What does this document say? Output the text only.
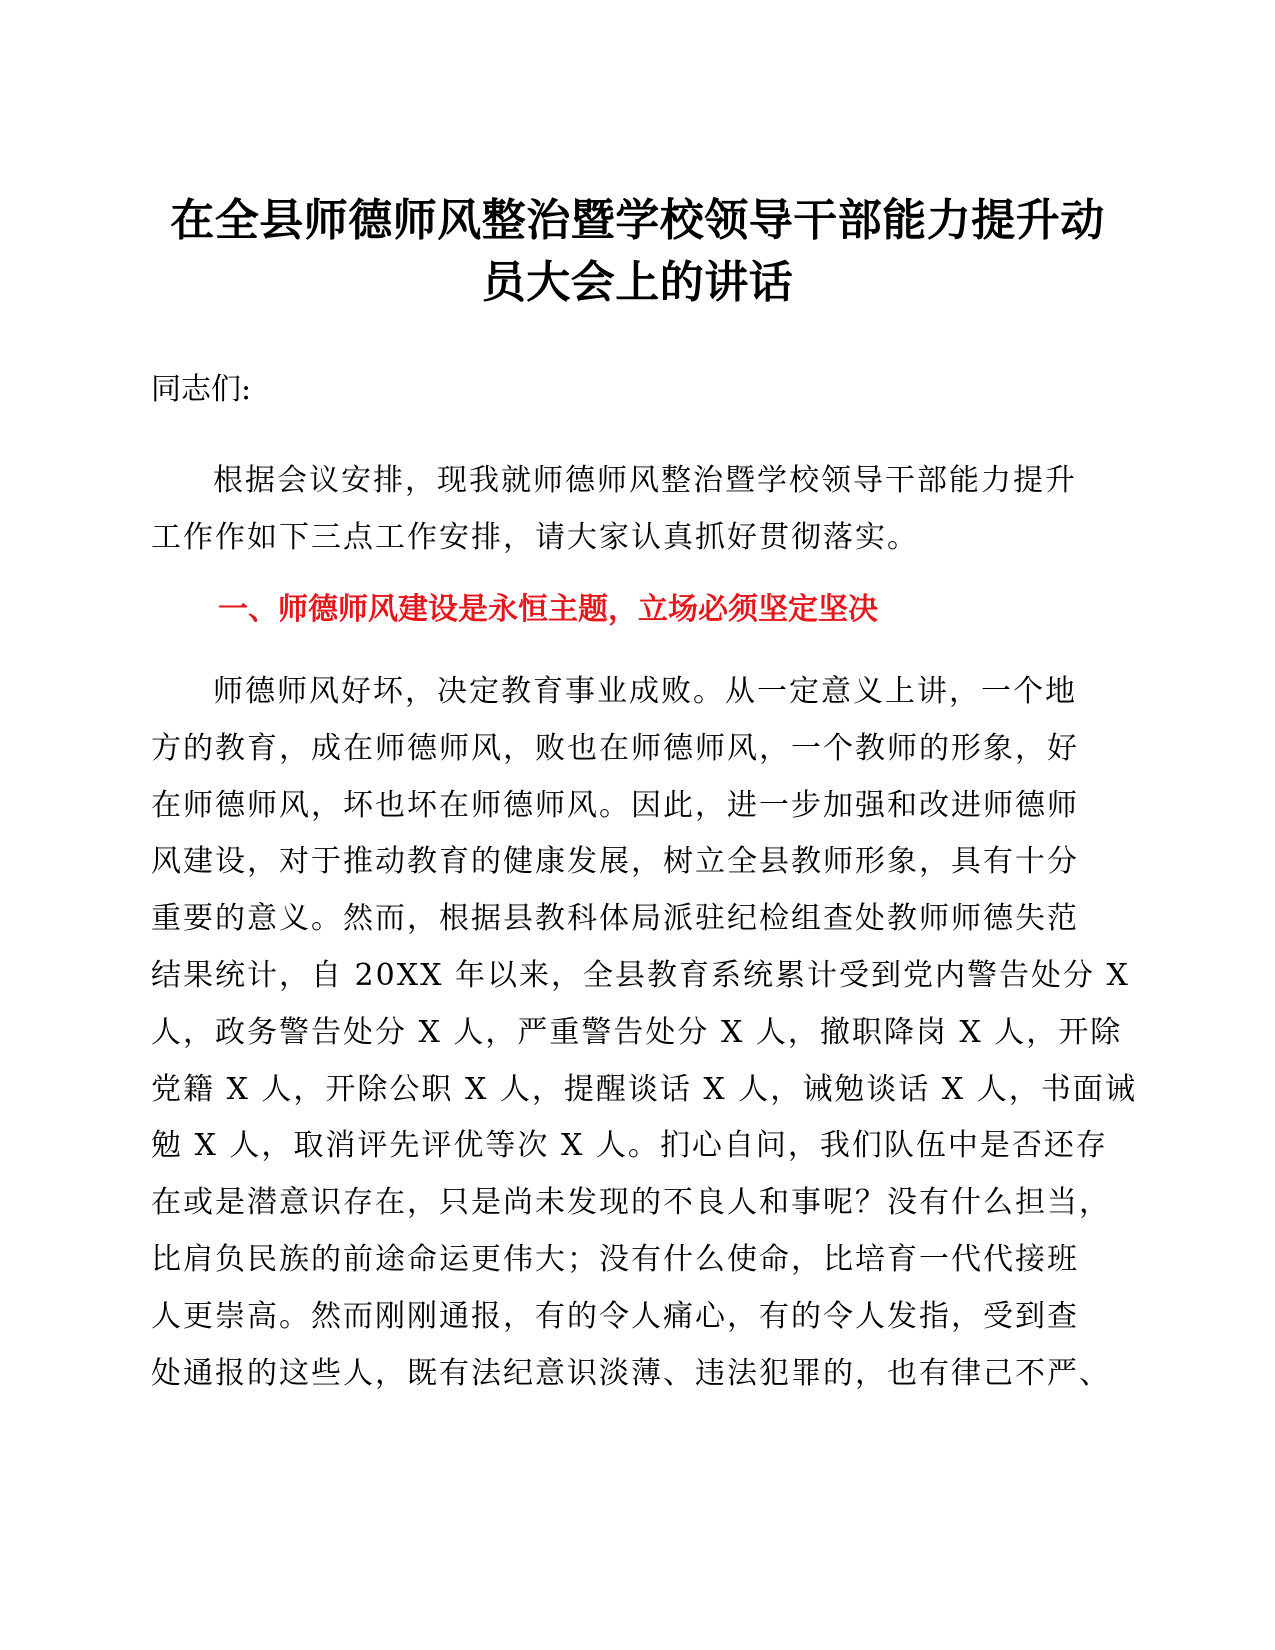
在全县师德师风整治暨学校领导干部能力提升动
员大会上的讲话
同志们:
根据会议安排，现我就师德师风整治暨学校领导干部能力提升
工作作如下三点工作安排，请大家认真抓好贯彻落实。
一、师德师风建设是永恒主题，立场必须坚定坚决
师德师风好坏，决定教育事业成败。从一定意义上讲，一个地
方的教育，成在师德师风，败也在师德师风，一个教师的形象，好
在师德师风，坏也坏在师德师风。因此，进一步加强和改进师德师
风建设，对于推动教育的健康发展，树立全县教师形象，具有十分
重要的意义。然而，根据县教科体局派驻纪检组查处教师师德失范
结果统计，自 20XX 年以来，全县教育系统累计受到党内警告处分 X
人，政务警告处分 X 人，严重警告处分 X 人，撤职降岗 X 人，开除
党籍 X 人，开除公职 X 人，提醒谈话 X 人，诫勉谈话 X 人，书面诫
勉 X 人，取消评先评优等次 X 人。扪心自问，我们队伍中是否还存
在或是潜意识存在，只是尚未发现的不良人和事呢？没有什么担当，
比肩负民族的前途命运更伟大；没有什么使命，比培育一代代接班
人更崇高。然而刚刚通报，有的令人痛心，有的令人发指，受到查
处通报的这些人，既有法纪意识淡薄、违法犯罪的，也有律己不严、
